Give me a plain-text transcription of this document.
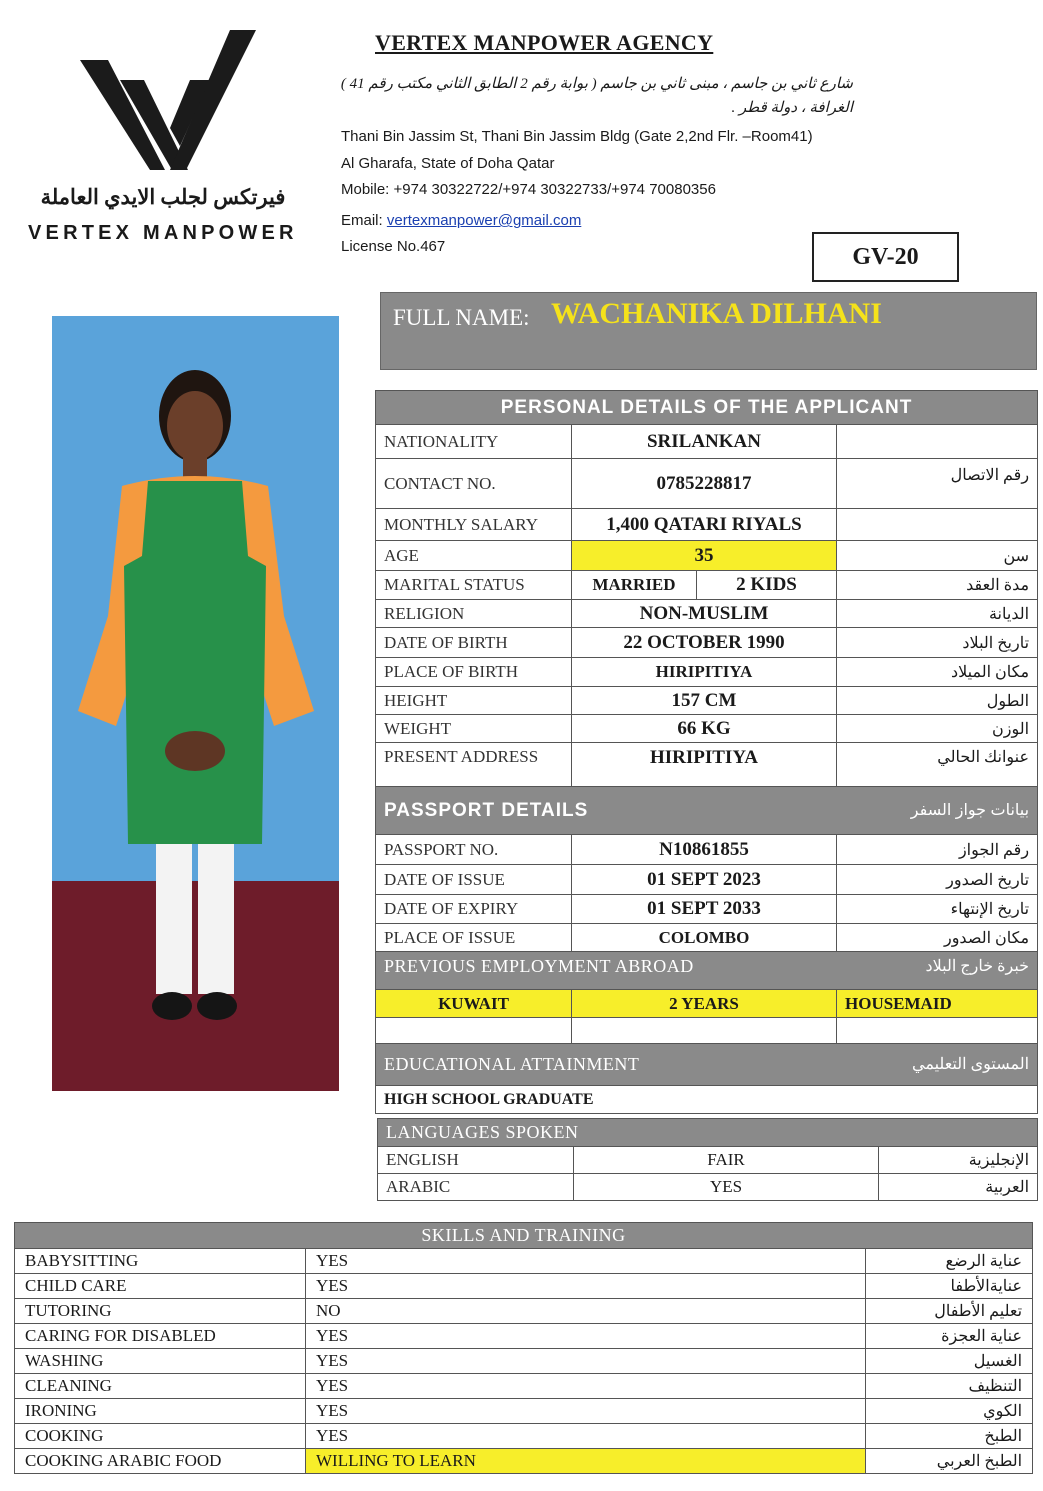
فيرتكس لجلب الايدي العاملة
VERTEX MANPOWER
VERTEX MANPOWER AGENCY
شارع ثاني بن جاسم ، مبنى ثاني بن جاسم ( بوابة رقم 2 الطابق الثاني مكتب رقم 41 )
الغرافة ، دولة قطر .
Thani Bin Jassim St, Thani Bin Jassim Bldg (Gate 2,2nd Flr. –Room41)
Al Gharafa, State of Doha Qatar
Mobile: +974 30322722/+974 30322733/+974 70080356
Email: vertexmanpower@gmail.com
License No.467	GV-20
FULL NAME: WACHANIKA DILHANI
PERSONAL DETAILS OF THE APPLICANT			
NATIONALITY	SRILANKAN		
CONTACT NO.	0785228817		رقم الاتصال
MONTHLY SALARY	1,400 QATARI RIYALS		
AGE	35		سن
MARITAL STATUS	MARRIED	2 KIDS	مدة العقد
RELIGION	NON-MUSLIM		الديانة
DATE OF BIRTH	22 OCTOBER 1990		تاريخ البلاد
PLACE OF BIRTH	HIRIPITIYA		مكان الميلاد
HEIGHT	157 CM		الطول
WEIGHT	66 KG		الوزن
PRESENT ADDRESS	HIRIPITIYA		عنوانك الحالي
PASSPORT DETAILS بيانات جواز السفر			

PASSPORT NO.	N10861855		رقم الجواز
DATE OF ISSUE	01 SEPT 2023		تاريخ الصدور
DATE OF EXPIRY	01 SEPT 2033		تاريخ الإنتهاء
PLACE OF ISSUE	COLOMBO		مكان الصدور
PREVIOUS EMPLOYMENT ABROAD خبرة خارج البلاد			

KUWAIT	2 YEARS		HOUSEMAID

EDUCATIONAL ATTAINMENT المستوى التعليمي			

HIGH SCHOOL GRADUATE			
LANGUAGES SPOKEN		
ENGLISH	FAIR	الإنجليزية
ARABIC	YES	العربية
SKILLS AND TRAINING		
BABYSITTING	YES	عناية الرضع
CHILD CARE	YES	عنايةالأطفا
TUTORING	NO	تعليم الأطفال
CARING FOR DISABLED	YES	عناية العجزة
WASHING	YES	الغسيل
CLEANING	YES	التنظيف
IRONING	YES	الكوي
COOKING	YES	الطبخ
COOKING ARABIC FOOD	WILLING TO LEARN	الطبخ العربي
